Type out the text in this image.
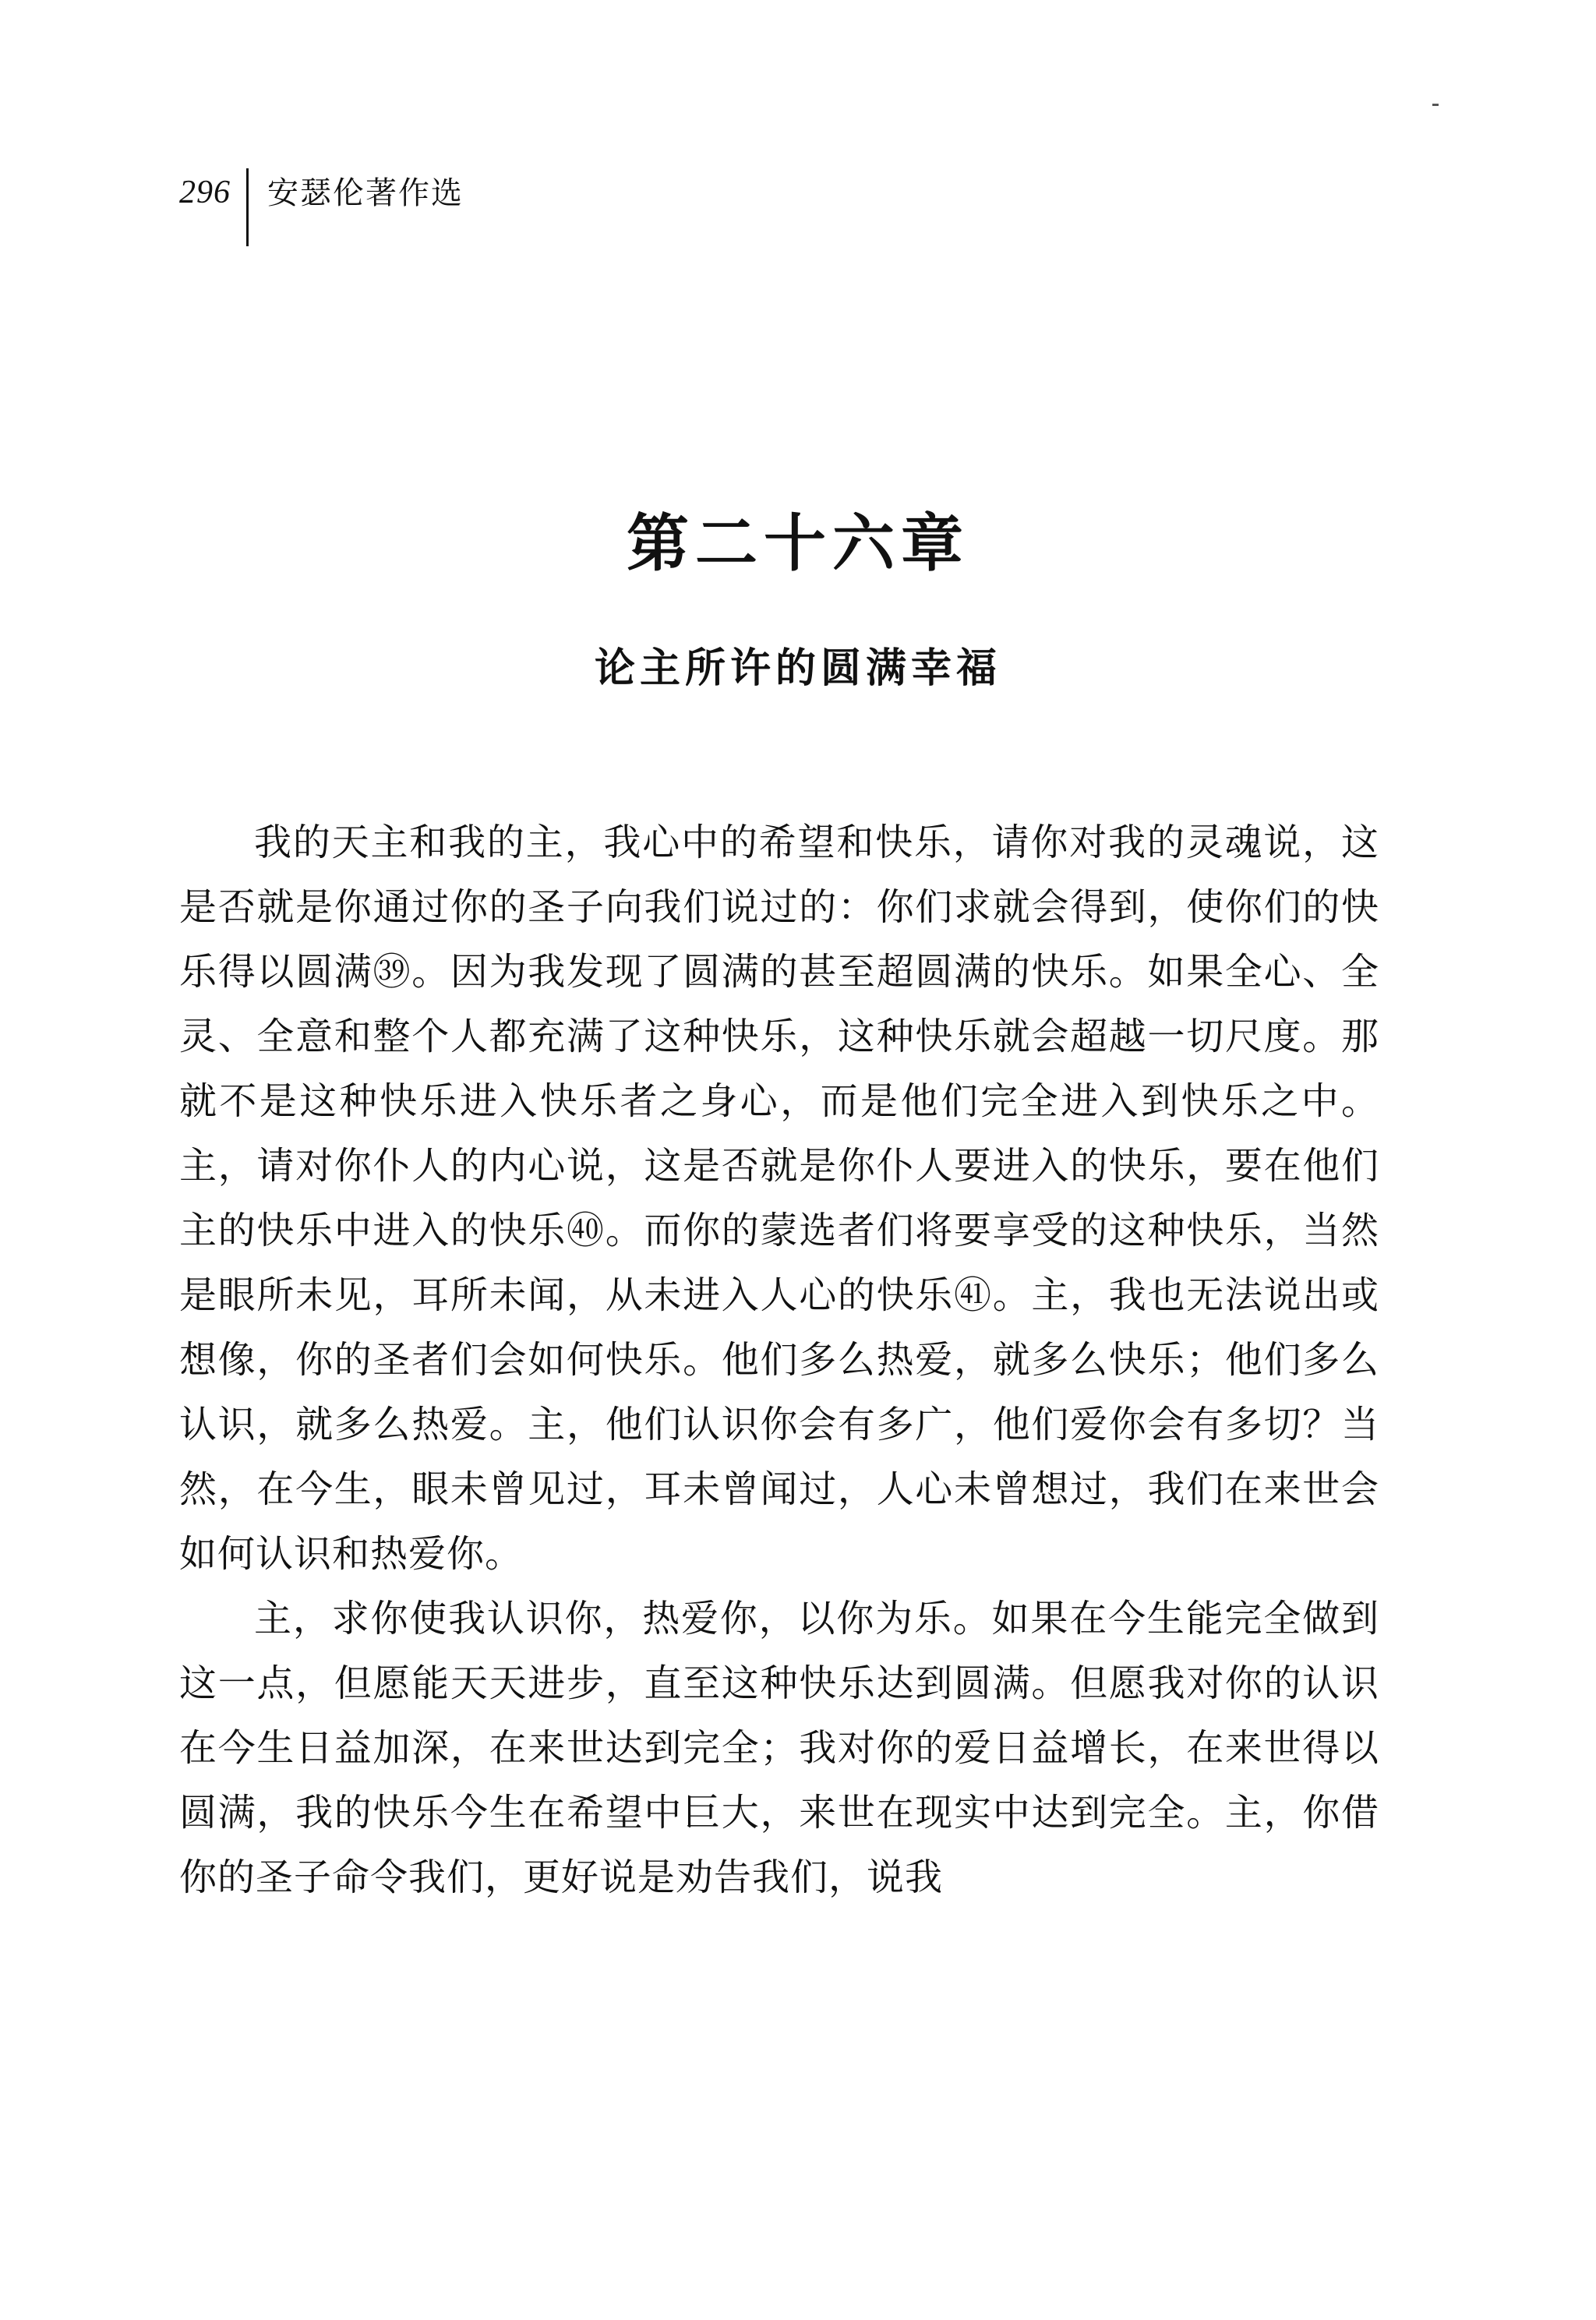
296 安瑟伦著作选
第二十六章
论主所许的圆满幸福

我的天主和我的主，我心中的希望和快乐，请你对我的灵魂说，这是否就是你通过你的圣子向我们说过的：你们求就会得到，使你们的快乐得以圆满㊴。因为我发现了圆满的甚至超圆满的快乐。如果全心、全灵、全意和整个人都充满了这种快乐，这种快乐就会超越一切尺度。那就不是这种快乐进入快乐者之身心，而是他们完全进入到快乐之中。主，请对你仆人的内心说，这是否就是你仆人要进入的快乐，要在他们主的快乐中进入的快乐㊵。而你的蒙选者们将要享受的这种快乐，当然是眼所未见，耳所未闻，从未进入人心的快乐㊶。主，我也无法说出或想像，你的圣者们会如何快乐。他们多么热爱，就多么快乐；他们多么认识，就多么热爱。主，他们认识你会有多广，他们爱你会有多切？当然，在今生，眼未曾见过，耳未曾闻过，人心未曾想过，我们在来世会如何认识和热爱你。

主，求你使我认识你，热爱你，以你为乐。如果在今生能完全做到这一点，但愿能天天进步，直至这种快乐达到圆满。但愿我对你的认识在今生日益加深，在来世达到完全；我对你的爱日益增长，在来世得以圆满，我的快乐今生在希望中巨大，来世在现实中达到完全。主，你借你的圣子命令我们，更好说是劝告我们，说我
